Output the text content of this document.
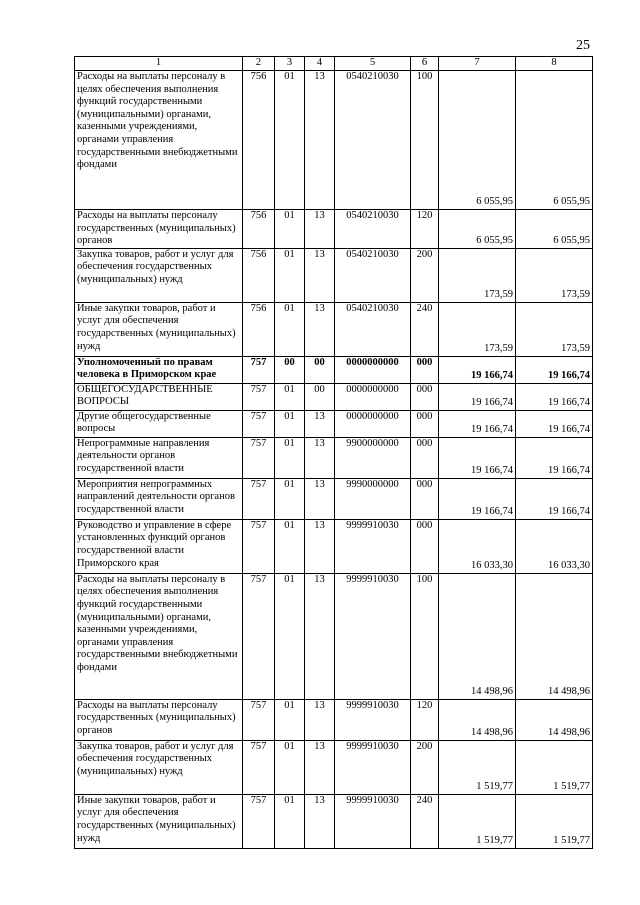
25
1	2	3	4	5	6	7	8
Расходы на выплаты персоналу в целях обеспечения выполнения функций государственными (муниципальными) органами, казенными учреждениями, органами управления государственными внебюджетными фондами	756	01	13	0540210030	100	6 055,95	6 055,95
Расходы на выплаты персоналу государственных (муниципальных) органов	756	01	13	0540210030	120	6 055,95	6 055,95
Закупка товаров, работ и услуг для обеспечения государственных (муниципальных) нужд	756	01	13	0540210030	200	173,59	173,59
Иные закупки товаров, работ и услуг для обеспечения государственных (муниципальных) нужд	756	01	13	0540210030	240	173,59	173,59
Уполномоченный по правам человека в Приморском крае	757	00	00	0000000000	000	19 166,74	19 166,74
ОБЩЕГОСУДАРСТВЕННЫЕ ВОПРОСЫ	757	01	00	0000000000	000	19 166,74	19 166,74
Другие общегосударственные вопросы	757	01	13	0000000000	000	19 166,74	19 166,74
Непрограммные направления деятельности органов государственной власти	757	01	13	9900000000	000	19 166,74	19 166,74
Мероприятия непрограммных направлений деятельности органов государственной власти	757	01	13	9990000000	000	19 166,74	19 166,74
Руководство и управление в сфере установленных функций органов государственной власти Приморского края	757	01	13	9999910030	000	16 033,30	16 033,30
Расходы на выплаты персоналу в целях обеспечения выполнения функций государственными (муниципальными) органами, казенными учреждениями, органами управления государственными внебюджетными фондами	757	01	13	9999910030	100	14 498,96	14 498,96
Расходы на выплаты персоналу государственных (муниципальных) органов	757	01	13	9999910030	120	14 498,96	14 498,96
Закупка товаров, работ и услуг для обеспечения государственных (муниципальных) нужд	757	01	13	9999910030	200	1 519,77	1 519,77
Иные закупки товаров, работ и услуг для обеспечения государственных (муниципальных) нужд	757	01	13	9999910030	240	1 519,77	1 519,77
